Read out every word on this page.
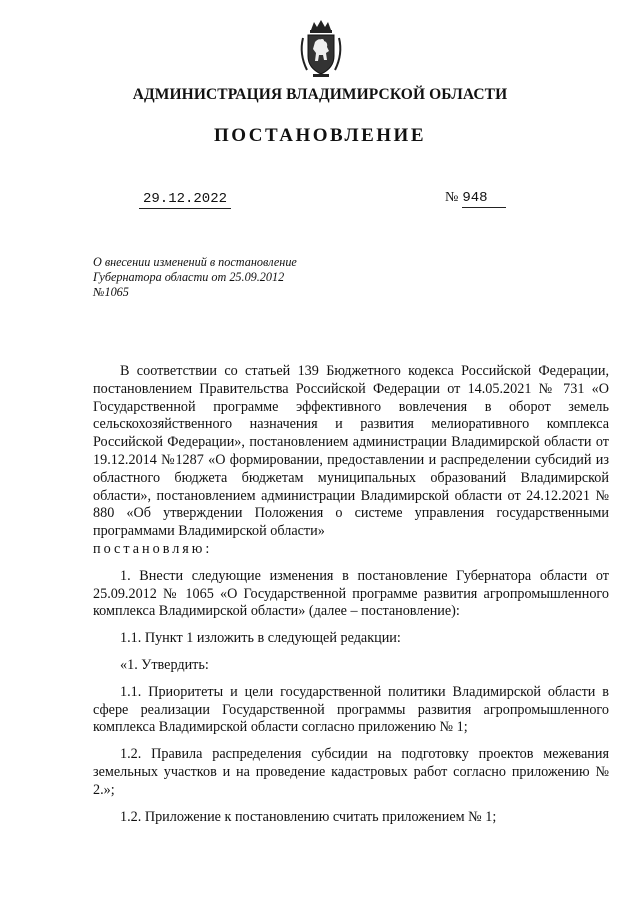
АДМИНИСТРАЦИЯ ВЛАДИМИРСКОЙ ОБЛАСТИ
ПОСТАНОВЛЕНИЕ
29.12.2022	№ 948
О внесении изменений в постановление
Губернатора области от 25.09.2012
№1065

В соответствии со статьей 139 Бюджетного кодекса Российской Федерации, постановлением Правительства Российской Федерации от 14.05.2021 № 731 «О Государственной программе эффективного вовлечения в оборот земель сельскохозяйственного назначения и развития мелиоративного комплекса Российской Федерации», постановлением администрации Владимирской области от 19.12.2014 №1287 «О формировании, предоставлении и распределении субсидий из областного бюджета бюджетам муниципальных образований Владимирской области», постановлением администрации Владимирской области от 24.12.2021 № 880 «Об утверждении Положения о системе управления государственными программами Владимирской области»

постановляю:

1. Внести следующие изменения в постановление Губернатора области от 25.09.2012 № 1065 «О Государственной программе развития агропромышленного комплекса Владимирской области» (далее – постановление):

1.1. Пункт 1 изложить в следующей редакции:

«1. Утвердить:

1.1. Приоритеты и цели государственной политики Владимирской области в сфере реализации Государственной программы развития агропромышленного комплекса Владимирской области согласно приложению № 1;

1.2. Правила распределения субсидии на подготовку проектов межевания земельных участков и на проведение кадастровых работ согласно приложению № 2.»;

1.2. Приложение к постановлению считать приложением № 1;
